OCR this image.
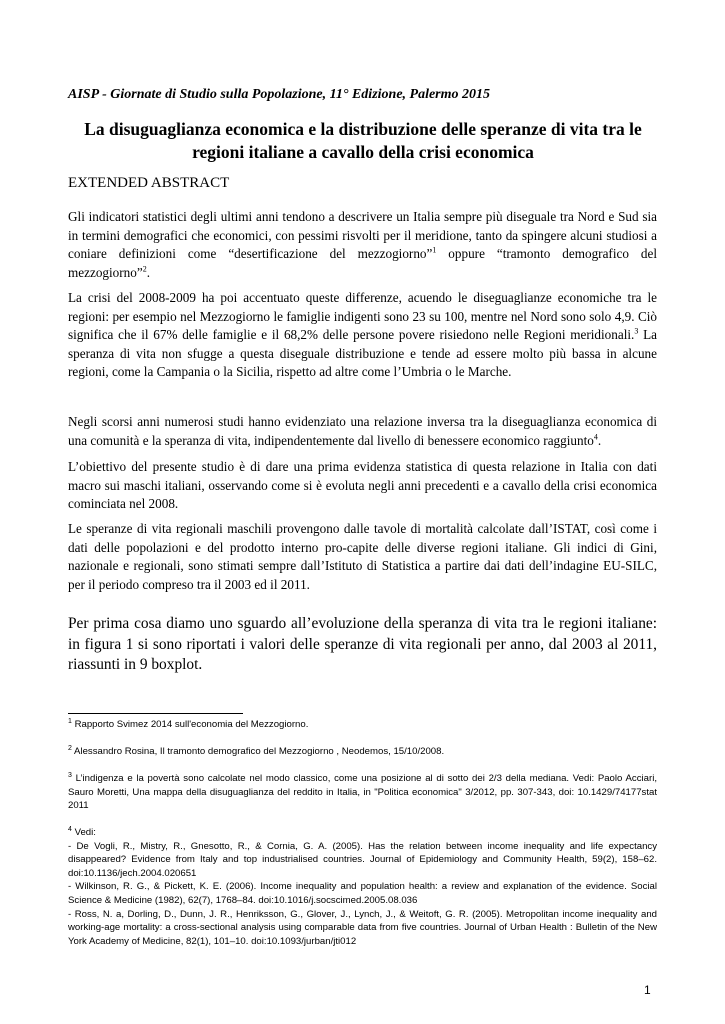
AISP - Giornate di Studio sulla Popolazione, 11° Edizione, Palermo 2015
La disuguaglianza economica e la distribuzione delle speranze di vita tra le regioni italiane a cavallo della crisi economica
EXTENDED ABSTRACT
Gli indicatori statistici degli ultimi anni tendono a descrivere un Italia sempre più diseguale tra Nord e Sud sia in termini demografici che economici, con pessimi risvolti per il meridione, tanto da spingere alcuni studiosi a coniare definizioni come “desertificazione del mezzogiorno”$^1$ oppure “tramonto demografico del mezzogiorno”$^2$.
La crisi del 2008-2009 ha poi accentuato queste differenze, acuendo le diseguaglianze economiche tra le regioni: per esempio nel Mezzogiorno le famiglie indigenti sono 23 su 100, mentre nel Nord sono solo 4,9. Ciò significa che il 67% delle famiglie e il 68,2% delle persone povere risiedono nelle Regioni meridionali.$^3$ La speranza di vita non sfugge a questa diseguale distribuzione e tende ad essere molto più bassa in alcune regioni, come la Campania o la Sicilia, rispetto ad altre come l’Umbria o le Marche.
Negli scorsi anni numerosi studi hanno evidenziato una relazione inversa tra la diseguaglianza economica di una comunità e la speranza di vita, indipendentemente dal livello di benessere economico raggiunto$^4$.
L’obiettivo del presente studio è di dare una prima evidenza statistica di questa relazione in Italia con dati macro sui maschi italiani, osservando come si è evoluta negli anni precedenti e a cavallo della crisi economica cominciata nel 2008.
Le speranze di vita regionali maschili provengono dalle tavole di mortalità calcolate dall’ISTAT, così come i dati delle popolazioni e del prodotto interno pro-capite delle diverse regioni italiane. Gli indici di Gini, nazionale e regionali, sono stimati sempre dall’Istituto di Statistica a partire dai dati dell’indagine EU-SILC, per il periodo compreso tra il 2003 ed il 2011.
Per prima cosa diamo uno sguardo all’evoluzione della speranza di vita tra le regioni italiane: in figura 1 si sono riportati i valori delle speranze di vita regionali per anno, dal 2003 al 2011, riassunti in 9 boxplot.
$^1$ Rapporto Svimez 2014 sull'economia del Mezzogiorno.
$^2$ Alessandro Rosina, Il tramonto demografico del Mezzogiorno , Neodemos, 15/10/2008.
$^3$ L’indigenza e la povertà sono calcolate nel modo classico, come una posizione al di sotto dei 2/3 della mediana. Vedi: Paolo Acciari, Sauro Moretti, Una mappa della disuguaglianza del reddito in Italia, in "Politica economica" 3/2012, pp. 307-343, doi: 10.1429/74177stat 2011
$^4$ Vedi:
- De Vogli, R., Mistry, R., Gnesotto, R., & Cornia, G. A. (2005). Has the relation between income inequality and life expectancy disappeared? Evidence from Italy and top industrialised countries. Journal of Epidemiology and Community Health, 59(2), 158–62. doi:10.1136/jech.2004.020651
- Wilkinson, R. G., & Pickett, K. E. (2006). Income inequality and population health: a review and explanation of the evidence. Social Science & Medicine (1982), 62(7), 1768–84. doi:10.1016/j.socscimed.2005.08.036
- Ross, N. a, Dorling, D., Dunn, J. R., Henriksson, G., Glover, J., Lynch, J., & Weitoft, G. R. (2005). Metropolitan income inequality and working-age mortality: a cross-sectional analysis using comparable data from five countries. Journal of Urban Health : Bulletin of the New York Academy of Medicine, 82(1), 101–10. doi:10.1093/jurban/jti012
1
